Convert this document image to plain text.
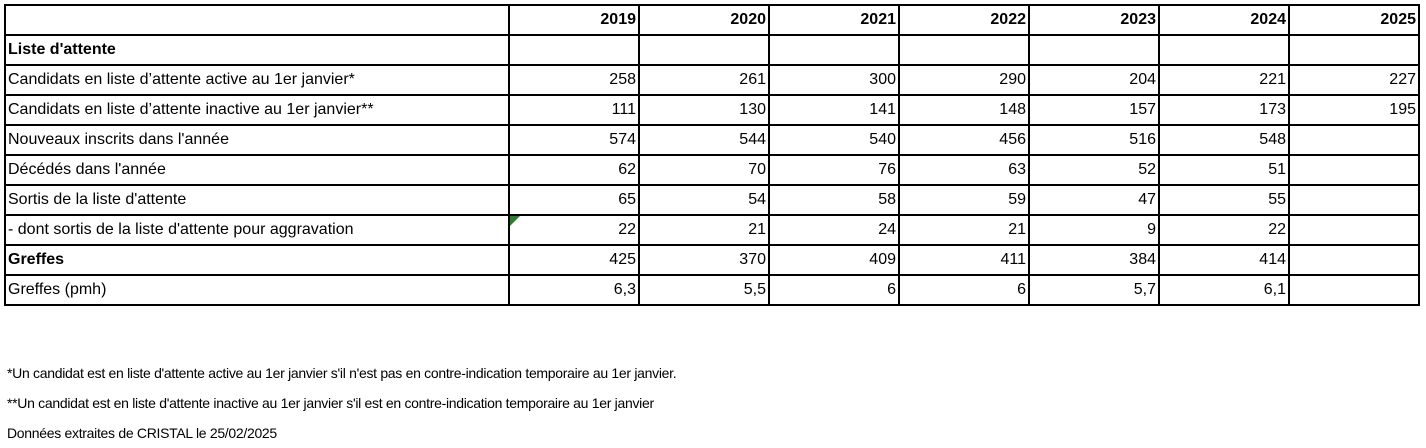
	2019	2020	2021	2022	2023	2024	2025
Liste d'attente							
Candidats en liste d’attente active au 1er janvier*	258	261	300	290	204	221	227
Candidats en liste d’attente inactive au 1er janvier**	111	130	141	148	157	173	195
Nouveaux inscrits dans l'année	574	544	540	456	516	548	
Décédés dans l'année	62	70	76	63	52	51	
Sortis de la liste d'attente	65	54	58	59	47	55	
- dont sortis de la liste d'attente pour aggravation	22	21	24	21	9	22	
Greffes	425	370	409	411	384	414	
Greffes (pmh)	6,3	5,5	6	6	5,7	6,1	
*Un candidat est en liste d'attente active au 1er janvier s'il n'est pas en contre-indication temporaire au 1er janvier.
**Un candidat est en liste d'attente inactive au 1er janvier s'il est en contre-indication temporaire au 1er janvier
Données extraites de CRISTAL le 25/02/2025
